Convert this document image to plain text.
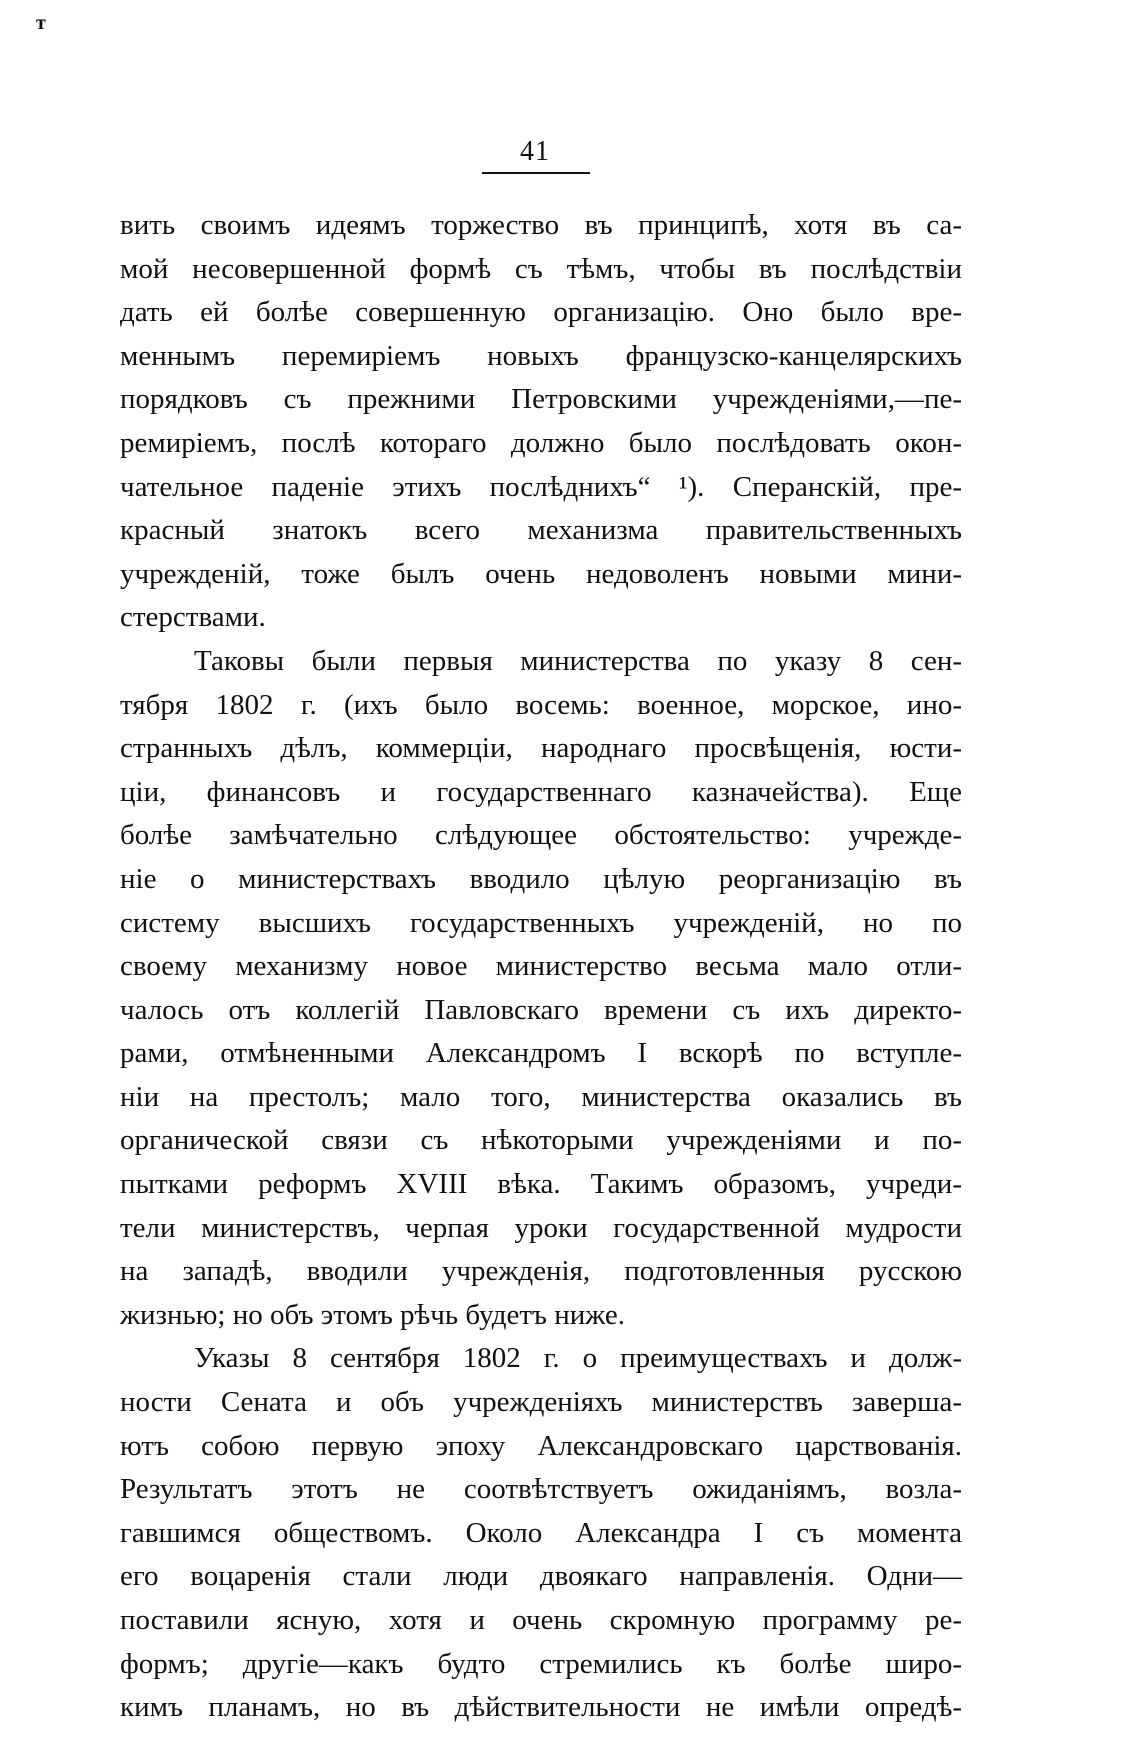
т
41
вить своимъ идеямъ торжество въ принципѣ, хотя въ са-
мой несовершенной формѣ съ тѣмъ, чтобы въ послѣдствіи
дать ей болѣе совершенную организацію. Оно было вре-
меннымъ перемиріемъ новыхъ французско-канцелярскихъ
порядковъ съ прежними Петровскими учрежденіями,—пе-
ремиріемъ, послѣ котораго должно было послѣдовать окон-
чательное паденіе этихъ послѣднихъ“ ¹). Сперанскій, пре-
красный знатокъ всего механизма правительственныхъ
учрежденій, тоже былъ очень недоволенъ новыми мини-
стерствами.
Таковы были первыя министерства по указу 8 сен-
тября 1802 г. (ихъ было восемь: военное, морское, ино-
странныхъ дѣлъ, коммерціи, народнаго просвѣщенія, юсти-
ціи, финансовъ и государственнаго казначейства). Еще
болѣе замѣчательно слѣдующее обстоятельство: учрежде-
ніе о министерствахъ вводило цѣлую реорганизацію въ
систему высшихъ государственныхъ учрежденій, но по
своему механизму новое министерство весьма мало отли-
чалось отъ коллегій Павловскаго времени съ ихъ директо-
рами, отмѣненными Александромъ I вскорѣ по вступле-
ніи на престолъ; мало того, министерства оказались въ
органической связи съ нѣкоторыми учрежденіями и по-
пытками реформъ XVIII вѣка. Такимъ образомъ, учреди-
тели министерствъ, черпая уроки государственной мудрости
на западѣ, вводили учрежденія, подготовленныя русскою
жизнью; но объ этомъ рѣчь будетъ ниже.
Указы 8 сентября 1802 г. о преимуществахъ и долж-
ности Сената и объ учрежденіяхъ министерствъ заверша-
ютъ собою первую эпоху Александровскаго царствованія.
Результатъ этотъ не соотвѣтствуетъ ожиданіямъ, возла-
гавшимся обществомъ. Около Александра I съ момента
его воцаренія стали люди двоякаго направленія. Одни—
поставили ясную, хотя и очень скромную программу ре-
формъ; другіе—какъ будто стремились къ болѣе широ-
кимъ планамъ, но въ дѣйствительности не имѣли опредѣ-
